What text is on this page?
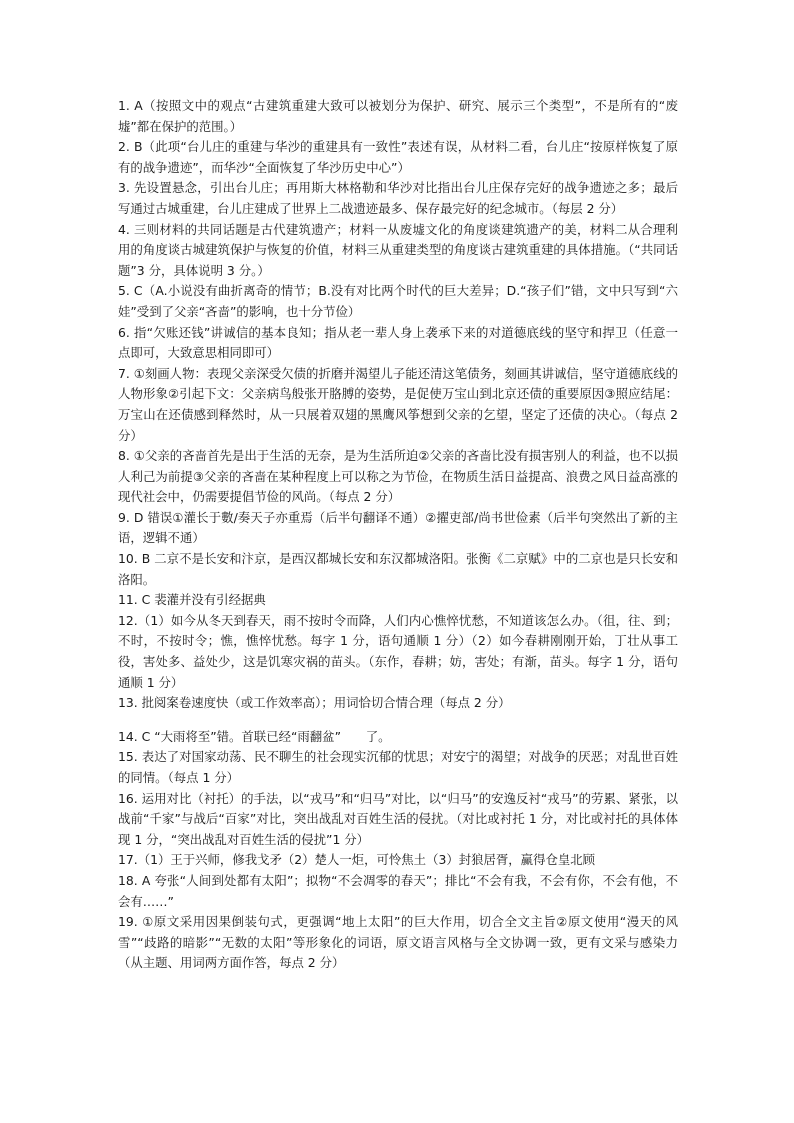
1. A（按照文中的观点“古建筑重建大致可以被划分为保护、研究、展示三个类型”，不是所有的“废墟”都在保护的范围。）
2. B（此项“台儿庄的重建与华沙的重建具有一致性”表述有误，从材料二看，台儿庄“按原样恢复了原有的战争遗迹”，而华沙“全面恢复了华沙历史中心”）
3. 先设置悬念，引出台儿庄；再用斯大林格勒和华沙对比指出台儿庄保存完好的战争遗迹之多；最后写通过古城重建，台儿庄建成了世界上二战遗迹最多、保存最完好的纪念城市。（每层 2 分）
4. 三则材料的共同话题是古代建筑遗产；材料一从废墟文化的角度谈建筑遗产的美，材料二从合理利用的角度谈古城建筑保护与恢复的价值，材料三从重建类型的角度谈古建筑重建的具体措施。（“共同话题”3 分，具体说明 3 分。）
5. C（A.小说没有曲折离奇的情节；B.没有对比两个时代的巨大差异；D.“孩子们”错，文中只写到“六娃”受到了父亲“吝啬”的影响，也十分节俭）
6. 指“欠账还钱”讲诚信的基本良知；指从老一辈人身上袭承下来的对道德底线的坚守和捍卫（任意一点即可，大致意思相同即可）
7. ①刻画人物：表现父亲深受欠债的折磨并渴望儿子能还清这笔债务，刻画其讲诚信，坚守道德底线的人物形象②引起下文：父亲病鸟般张开胳膊的姿势，是促使万宝山到北京还债的重要原因③照应结尾：万宝山在还债感到释然时，从一只展着双翅的黑鹰风筝想到父亲的乞望，坚定了还债的决心。（每点 2 分）
8. ①父亲的吝啬首先是出于生活的无奈，是为生活所迫②父亲的吝啬比没有损害别人的利益，也不以损人利己为前提③父亲的吝啬在某种程度上可以称之为节俭，在物质生活日益提高、浪费之风日益高涨的现代社会中，仍需要提倡节俭的风尚。（每点 2 分）
9. D 错误①灌长于數/奏天子亦重焉（后半句翻译不通）②擢吏部/尚书世俭素（后半句突然出了新的主语，逻辑不通）
10. B 二京不是长安和汴京，是西汉都城长安和东汉都城洛阳。张衡《二京赋》中的二京也是只长安和洛阳。
11. C 裴灌并没有引经据典
12.（1）如今从冬天到春天，雨不按时令而降，人们内心憔悴忧愁，不知道该怎么办。（徂，往、到；不时，不按时令；憔，憔悴忧愁。每字 1 分，语句通顺 1 分）（2）如今春耕刚刚开始，丁壮从事工役，害处多、益处少，这是饥寒灾祸的苗头。（东作，春耕；妨，害处；有渐，苗头。每字 1 分，语句通顺 1 分）
13. 批阅案卷速度快（或工作效率高）；用词恰切合情合理（每点 2 分）
14. C “大雨将至”错。首联已经“雨翻盆”　　了。
15. 表达了对国家动荡、民不聊生的社会现实沉郁的忧思；对安宁的渴望；对战争的厌恶；对乱世百姓的同情。（每点 1 分）
16. 运用对比（衬托）的手法，以“戎马”和“归马”对比，以“归马”的安逸反衬“戎马”的劳累、紧张，以战前“千家”与战后“百家”对比，突出战乱对百姓生活的侵扰。（对比或衬托 1 分，对比或衬托的具体体现 1 分，“突出战乱对百姓生活的侵扰”1 分）
17.（1）王于兴师，修我戈矛（2）楚人一炬，可怜焦土（3）封狼居胥，赢得仓皇北顾
18. A 夸张“人间到处都有太阳”；拟物“不会凋零的春天”；排比“不会有我，不会有你，不会有他，不会有……”
19. ①原文采用因果倒装句式，更强调“地上太阳”的巨大作用，切合全文主旨②原文使用“漫天的风雪”“歧路的暗影”“无数的太阳”等形象化的词语，原文语言风格与全文协调一致，更有文采与感染力（从主题、用词两方面作答，每点 2 分）
